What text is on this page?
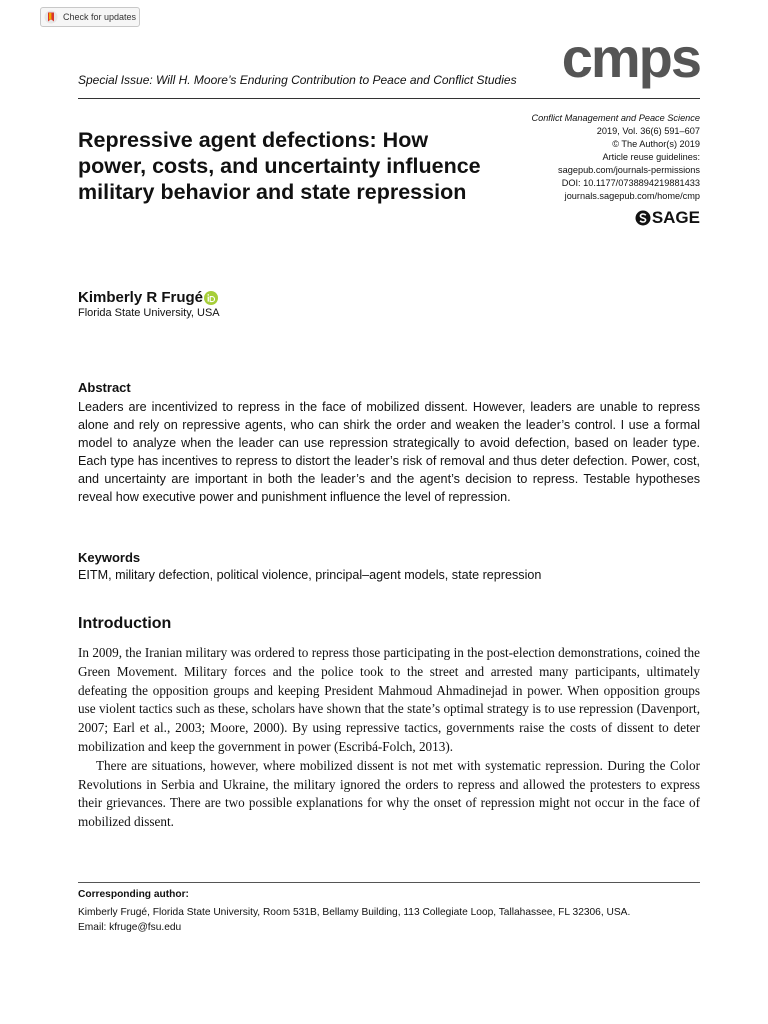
Check for updates
cmps
Special Issue: Will H. Moore’s Enduring Contribution to Peace and Conflict Studies
Conflict Management and Peace Science
2019, Vol. 36(6) 591–607
© The Author(s) 2019
Article reuse guidelines:
sagepub.com/journals-permissions
DOI: 10.1177/0738894219881433
journals.sagepub.com/home/cmp
SAGE
Repressive agent defections: How power, costs, and uncertainty influence military behavior and state repression
Kimberly R Frugé
Florida State University, USA
Abstract

Leaders are incentivized to repress in the face of mobilized dissent. However, leaders are unable to repress alone and rely on repressive agents, who can shirk the order and weaken the leader’s control. I use a formal model to analyze when the leader can use repression strategically to avoid defection, based on leader type. Each type has incentives to repress to distort the leader’s risk of removal and thus deter defection. Power, cost, and uncertainty are important in both the leader’s and the agent’s decision to repress. Testable hypotheses reveal how executive power and punishment influence the level of repression.

Keywords
EITM, military defection, political violence, principal–agent models, state repression
Introduction

In 2009, the Iranian military was ordered to repress those participating in the post-election demonstrations, coined the Green Movement. Military forces and the police took to the street and arrested many participants, ultimately defeating the opposition groups and keeping President Mahmoud Ahmadinejad in power. When opposition groups use violent tactics such as these, scholars have shown that the state’s optimal strategy is to use repression (Davenport, 2007; Earl et al., 2003; Moore, 2000). By using repressive tactics, governments raise the costs of dissent to deter mobilization and keep the government in power (Escribá-Folch, 2013).

There are situations, however, where mobilized dissent is not met with systematic repression. During the Color Revolutions in Serbia and Ukraine, the military ignored the orders to repress and allowed the protesters to express their grievances. There are two possible explanations for why the onset of repression might not occur in the face of mobilized dissent.

Corresponding author:
Kimberly Frugé, Florida State University, Room 531B, Bellamy Building, 113 Collegiate Loop, Tallahassee, FL 32306, USA.
Email: kfruge@fsu.edu
